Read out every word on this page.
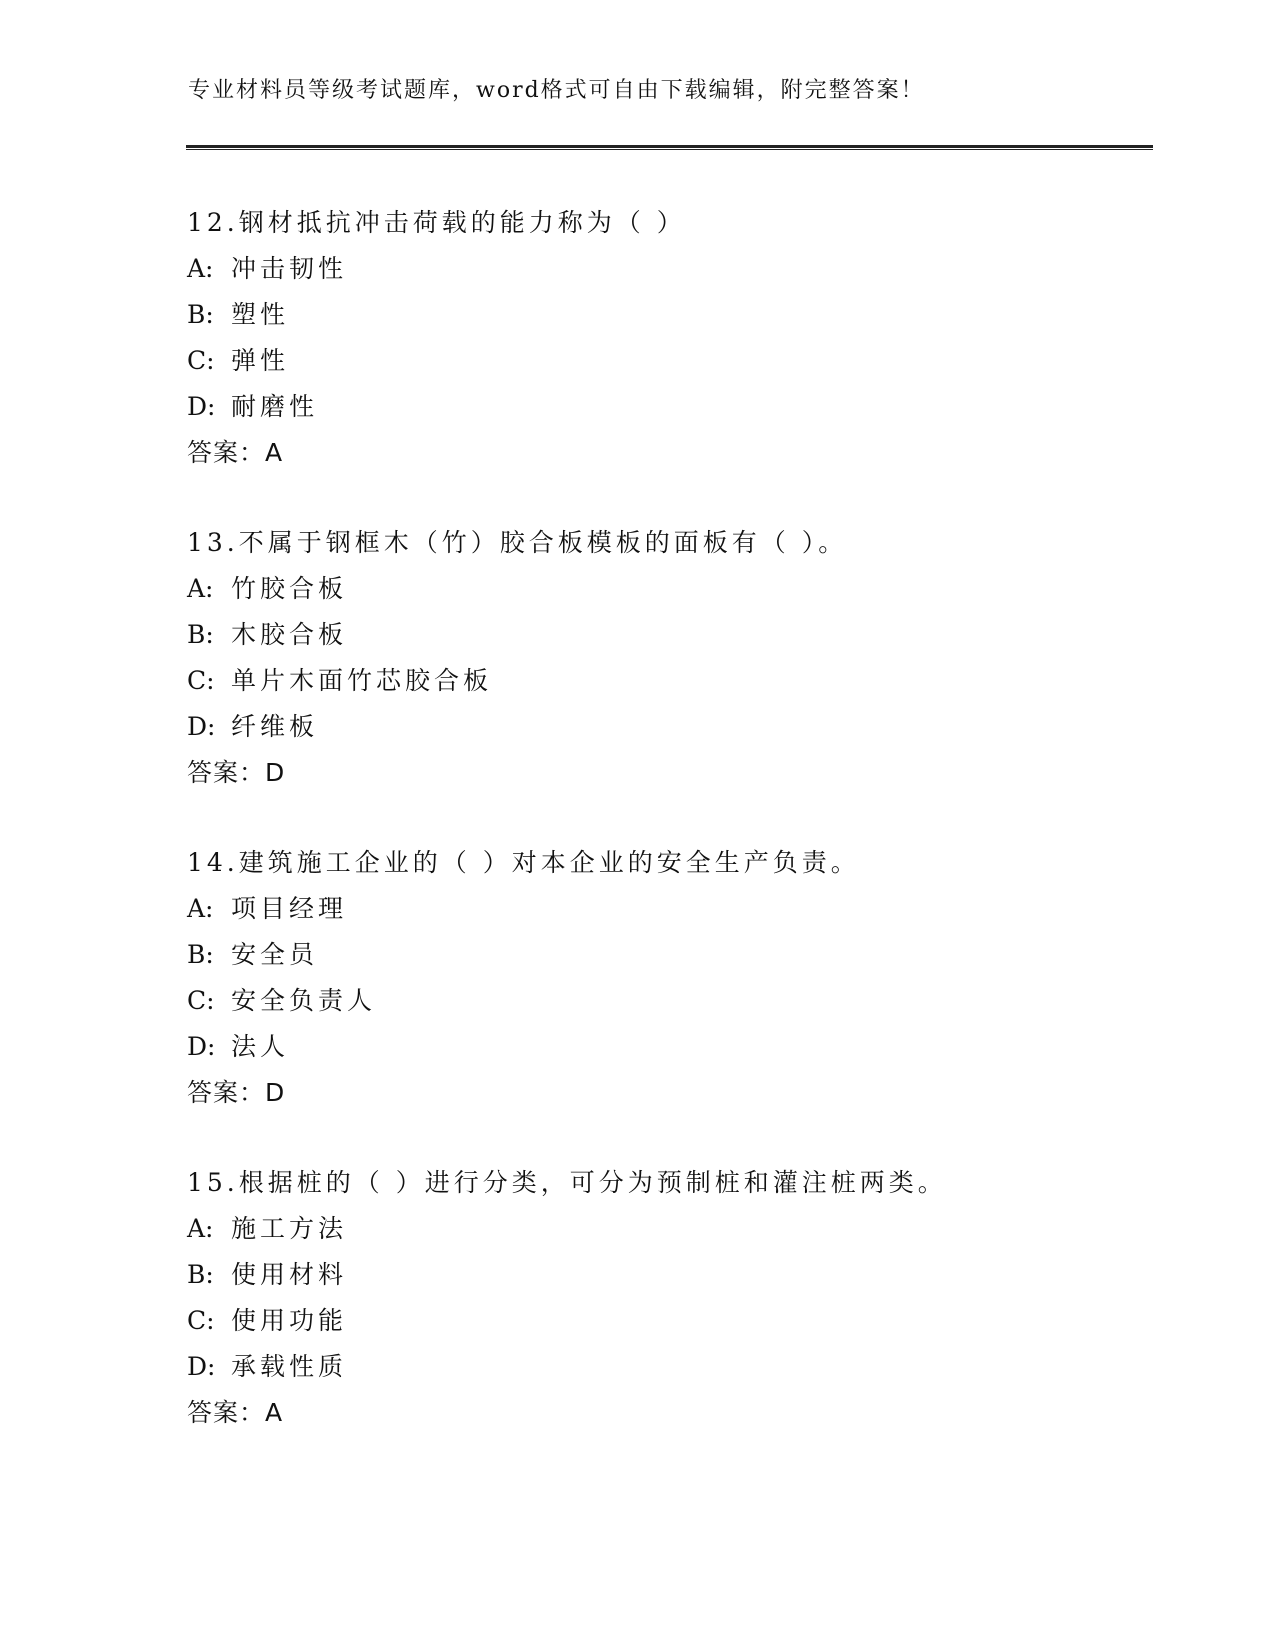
专业材料员等级考试题库，word格式可自由下载编辑，附完整答案！
12.钢材抵抗冲击荷载的能力称为（ ）
A: 冲击韧性
B: 塑性
C: 弹性
D: 耐磨性
答案：A
13.不属于钢框木（竹）胶合板模板的面板有（ ）。
A: 竹胶合板
B: 木胶合板
C: 单片木面竹芯胶合板
D: 纤维板
答案：D
14.建筑施工企业的（ ）对本企业的安全生产负责。
A: 项目经理
B: 安全员
C: 安全负责人
D: 法人
答案：D
15.根据桩的（ ）进行分类，可分为预制桩和灌注桩两类。
A: 施工方法
B: 使用材料
C: 使用功能
D: 承载性质
答案：A
